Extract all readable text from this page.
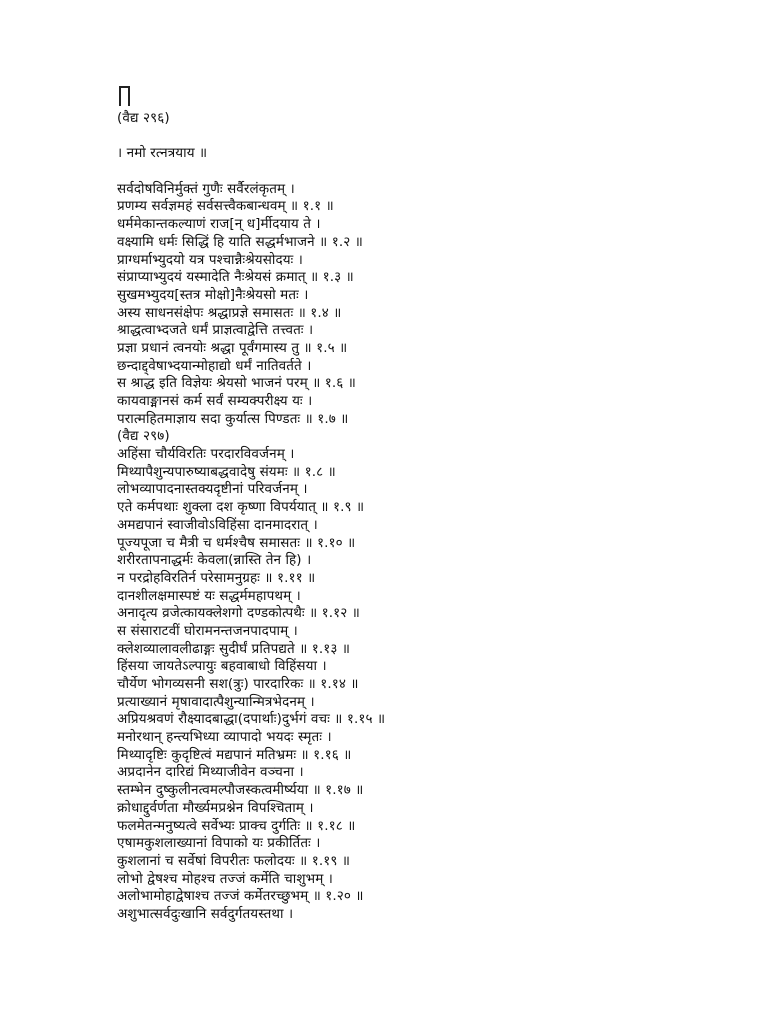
(वैद्य २९६)
। नमो रत्नत्रयाय ॥
सर्वदोषविनिर्मुक्तं गुणैः सर्वैरलंकृतम् ।
प्रणम्य सर्वज्ञमहं सर्वसत्त्वैकबान्धवम् ॥ १.१ ॥
धर्ममेकान्तकल्याणं राज[न् ध]र्मीदयाय ते ।
वक्ष्यामि धर्मः सिद्धिं हि याति सद्धर्मभाजने ॥ १.२ ॥
प्राग्धर्माभ्युदयो यत्र पश्चान्नैःश्रेयसोदयः ।
संप्राप्याभ्युदयं यस्मादेति नैःश्रेयसं क्रमात् ॥ १.३ ॥
सुखमभ्युदय[स्तत्र मोक्षो]नैःश्रेयसो मतः ।
अस्य साधनसंक्षेपः श्रद्धाप्रज्ञे समासतः ॥ १.४ ॥
श्राद्धत्वाभ्दजते धर्मं प्राज्ञत्वाद्वेत्ति तत्त्वतः ।
प्रज्ञा प्रधानं त्वनयोः श्रद्धा पूर्वंगमास्य तु ॥ १.५ ॥
छन्दाद्द्वेषाभ्दयान्मोहाद्यो धर्मं नातिवर्तते ।
स श्राद्ध इति विज्ञेयः श्रेयसो भाजनं परम् ॥ १.६ ॥
कायवाङ्मानसं कर्म सर्वं सम्यक्परीक्ष्य यः ।
परात्महितमाज्ञाय सदा कुर्यात्स पिण्डतः ॥ १.७ ॥
(वैद्य २९७)
अहिंसा चौर्यविरतिः परदारविवर्जनम् ।
मिथ्यापैशुन्यपारुष्याबद्धवादेषु संयमः ॥ १.८ ॥
लोभव्यापादनास्तक्यदृष्टीनां परिवर्जनम् ।
एते कर्मपथाः शुक्ला दश कृष्णा विपर्ययात् ॥ १.९ ॥
अमद्यपानं स्वाजीवोऽविहिंसा दानमादरात् ।
पूज्यपूजा च मैत्री च धर्मश्चैष समासतः ॥ १.१० ॥
शरीरतापनाद्धर्मः केवला(न्नास्ति तेन हि) ।
न परद्रोहविरतिर्न परेसामनुग्रहः ॥ १.११ ॥
दानशीलक्षमास्पष्टं यः सद्धर्ममहापथम् ।
अनादृत्य व्रजेत्कायक्लेशगो दण्डकोत्पथैः ॥ १.१२ ॥
स संसाराटवीं घोरामनन्तजनपादपाम् ।
क्लेशव्यालावलीढाङ्गः सुदीर्घं प्रतिपद्यते ॥ १.१३ ॥
हिंसया जायतेऽल्पायुः बहवाबाधो विहिंसया ।
चौर्येण भोगव्यसनी सश(त्रुः) पारदारिकः ॥ १.१४ ॥
प्रत्याख्यानं मृषावादात्पैशुन्यान्मित्रभेदनम् ।
अप्रियश्रवणं रौक्ष्यादबाद्धा(दपार्थाः)दुर्भगं वचः ॥ १.१५ ॥
मनोरथान् हन्त्यभिध्या व्यापादो भयदः स्मृतः ।
मिथ्यादृष्टिः कुदृष्टित्वं मद्यपानं मतिभ्रमः ॥ १.१६ ॥
अप्रदानेन दारिद्यं मिथ्याजीवेन वञ्चना ।
स्तम्भेन दुष्कुलीनत्वमल्पौजस्कत्वमीर्ष्यया ॥ १.१७ ॥
क्रोधाद्दुर्वर्णता मौर्ख्यमप्रश्नेन विपश्चिताम् ।
फलमेतन्मनुष्यत्वे सर्वेभ्यः प्राक्च दुर्गतिः ॥ १.१८ ॥
एषामकुशलाख्यानां विपाको यः प्रकीर्तितः ।
कुशलानां च सर्वेषां विपरीतः फलोदयः ॥ १.१९ ॥
लोभो द्वेषश्च मोहश्च तज्जं कर्मेति चाशुभम् ।
अलोभामोहाद्वेषाश्च तज्जं कर्मेतरच्छुभम् ॥ १.२० ॥
अशुभात्सर्वदुःखानि सर्वदुर्गतयस्तथा ।
